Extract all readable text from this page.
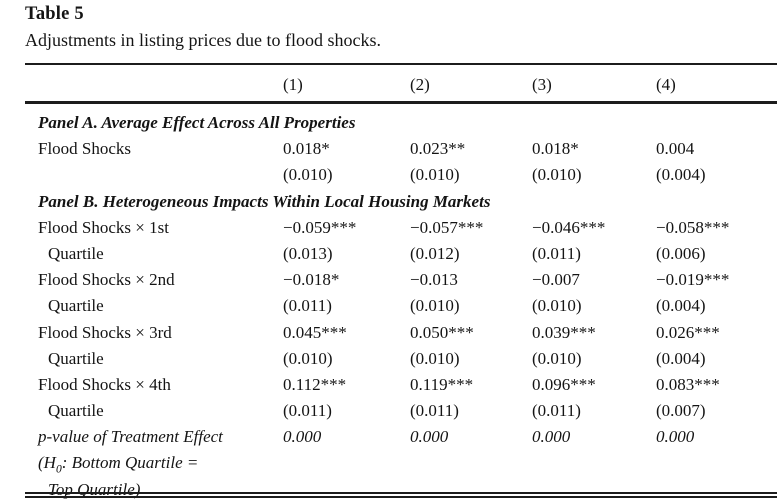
Table 5
Adjustments in listing prices due to flood shocks.
(1)	(2)	(3)	(4)
Panel A. Average Effect Across All Properties
Flood Shocks	0.018*	0.023**	0.018*	0.004
(0.010)	(0.010)	(0.010)	(0.004)
Panel B. Heterogeneous Impacts Within Local Housing Markets
Flood Shocks × 1st	−0.059***	−0.057***	−0.046***	−0.058***
Quartile	(0.013)	(0.012)	(0.011)	(0.006)
Flood Shocks × 2nd	−0.018*	−0.013	−0.007	−0.019***
Quartile	(0.011)	(0.010)	(0.010)	(0.004)
Flood Shocks × 3rd	0.045***	0.050***	0.039***	0.026***
Quartile	(0.010)	(0.010)	(0.010)	(0.004)
Flood Shocks × 4th	0.112***	0.119***	0.096***	0.083***
Quartile	(0.011)	(0.011)	(0.011)	(0.007)
p-value of Treatment Effect	0.000	0.000	0.000	0.000
($H_0$: Bottom Quartile =
Top Quartile)
